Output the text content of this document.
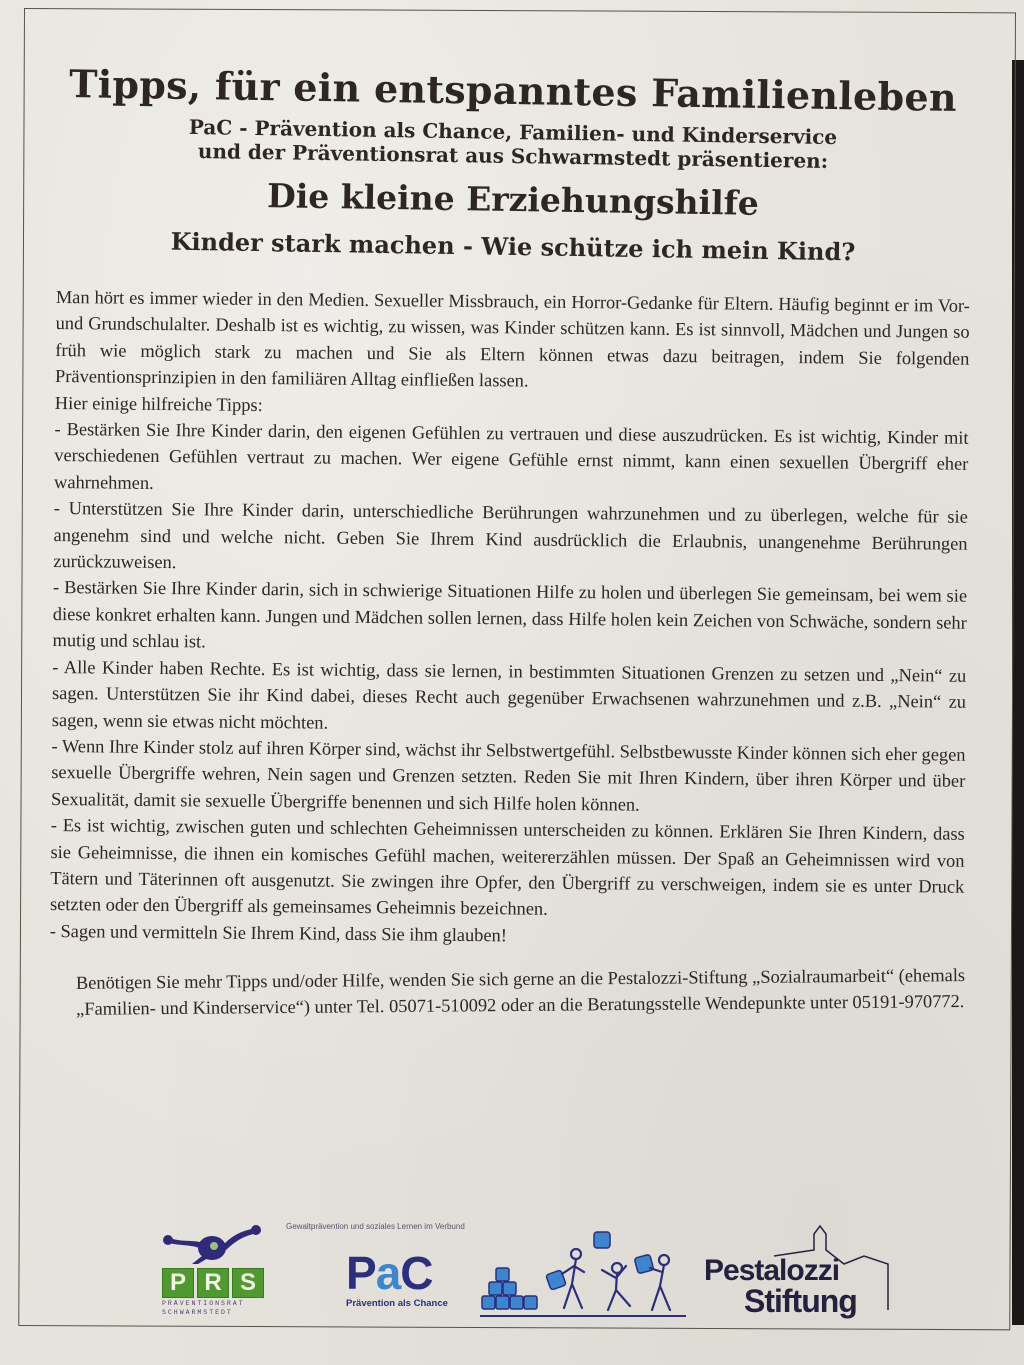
Tipps, für ein entspanntes Familienleben
PaC - Prävention als Chance, Familien- und Kinderservice
und der Präventionsrat aus Schwarmstedt präsentieren:
Die kleine Erziehungshilfe
Kinder stark machen - Wie schütze ich mein Kind?

Man hört es immer wieder in den Medien. Sexueller Missbrauch, ein Horror-Gedanke für Eltern. Häufig beginnt er im Vor- und Grundschulalter. Deshalb ist es wichtig, zu wissen, was Kinder schützen kann. Es ist sinnvoll, Mädchen und Jungen so früh wie möglich stark zu machen und Sie als Eltern können etwas dazu beitragen, indem Sie folgenden Präventionsprinzipien in den familiären Alltag einfließen lassen.

Hier einige hilfreiche Tipps:

- Bestärken Sie Ihre Kinder darin, den eigenen Gefühlen zu vertrauen und diese auszudrücken. Es ist wichtig, Kinder mit verschiedenen Gefühlen vertraut zu machen. Wer eigene Gefühle ernst nimmt, kann einen sexuellen Übergriff eher wahrnehmen.

- Unterstützen Sie Ihre Kinder darin, unterschiedliche Berührungen wahrzunehmen und zu überlegen, welche für sie angenehm sind und welche nicht. Geben Sie Ihrem Kind ausdrücklich die Erlaubnis, unangenehme Berührungen zurückzuweisen.

- Bestärken Sie Ihre Kinder darin, sich in schwierige Situationen Hilfe zu holen und überlegen Sie gemeinsam, bei wem sie diese konkret erhalten kann. Jungen und Mädchen sollen lernen, dass Hilfe holen kein Zeichen von Schwäche, sondern sehr mutig und schlau ist.

- Alle Kinder haben Rechte. Es ist wichtig, dass sie lernen, in bestimmten Situationen Grenzen zu setzen und „Nein“ zu sagen. Unterstützen Sie ihr Kind dabei, dieses Recht auch gegenüber Erwachsenen wahrzunehmen und z.B. „Nein“ zu sagen, wenn sie etwas nicht möchten.

- Wenn Ihre Kinder stolz auf ihren Körper sind, wächst ihr Selbstwertgefühl. Selbstbewusste Kinder können sich eher gegen sexuelle Übergriffe wehren, Nein sagen und Grenzen setzten. Reden Sie mit Ihren Kindern, über ihren Körper und über Sexualität, damit sie sexuelle Übergriffe benennen und sich Hilfe holen können.

- Es ist wichtig, zwischen guten und schlechten Geheimnissen unterscheiden zu können. Erklären Sie Ihren Kindern, dass sie Geheimnisse, die ihnen ein komisches Gefühl machen, weitererzählen müssen. Der Spaß an Geheimnissen wird von Tätern und Täterinnen oft ausgenutzt. Sie zwingen ihre Opfer, den Übergriff zu verschweigen, indem sie es unter Druck setzten oder den Übergriff als gemeinsames Geheimnis bezeichnen.

- Sagen und vermitteln Sie Ihrem Kind, dass Sie ihm glauben!

Benötigen Sie mehr Tipps und/oder Hilfe, wenden Sie sich gerne an die Pestalozzi-Stiftung „Sozialraumarbeit“ (ehemals „Familien- und Kinderservice“) unter Tel. 05071-510092 oder an die Beratungsstelle Wendepunkte unter 05191-970772.
P R S
PRÄVENTIONSRAT
SCHWARMSTEDT
Gewaltprävention und soziales Lernen im Verbund
PaC
Prävention als Chance
Pestalozzi
Stiftung
